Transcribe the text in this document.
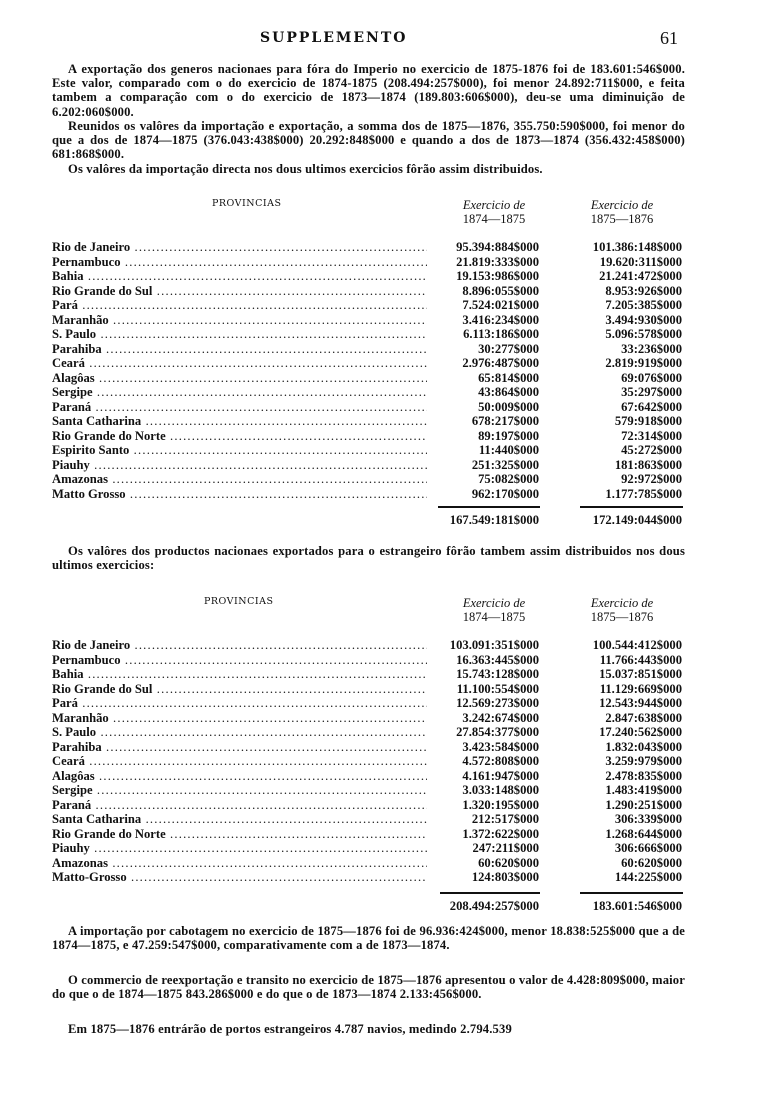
SUPPLEMENTO	61
A exportação dos generos nacionaes para fóra do Imperio no exercicio de 1875-1876 foi de 183.601:546$000. Este valor, comparado com o do exercicio de 1874-1875 (208.494:257$000), foi menor 24.892:711$000, e feita tambem a comparação com o do exercicio de 1873—1874 (189.803:606$000), deu-se uma diminuição de 6.202:060$000.
Reunidos os valôres da importação e exportação, a somma dos de 1875—1876, 355.750:590$000, foi menor do que a dos de 1874—1875 (376.043:438$000) 20.292:848$000 e quando a dos de 1873—1874 (356.432:458$000) 681:868$000.
Os valôres da importação directa nos dous ultimos exercicios fôrão assim distribuidos.
PROVINCIAS	Exercicio de
1874—1875
Exercicio de
1875—1876
Rio de Janeiro .....	95.394:884$000	101.386:148$000
Pernambuco .....	21.819:333$000	19.620:311$000
Bahia .....	19.153:986$000	21.241:472$000
Rio Grande do Sul .....	8.896:055$000	8.953:926$000
Pará .....	7.524:021$000	7.205:385$000
Maranhão .....	3.416:234$000	3.494:930$000
S. Paulo .....	6.113:186$000	5.096:578$000
Parahiba .....	30:277$000	33:236$000
Ceará .....	2.976:487$000	2.819:919$000
Alagôas .....	65:814$000	69:076$000
Sergipe .....	43:864$000	35:297$000
Paraná .....	50:009$000	67:642$000
Santa Catharina .....	678:217$000	579:918$000
Rio Grande do Norte .....	89:197$000	72:314$000
Espirito Santo .....	11:440$000	45:272$000
Piauhy .....	251:325$000	181:863$000
Amazonas .....	75:082$000	92:972$000
Matto Grosso .....	962:170$000	1.177:785$000
167.549:181$000	172.149:044$000
Os valôres dos productos nacionaes exportados para o estrangeiro fôrão tambem assim distribuidos nos dous ultimos exercicios:
PROVINCIAS	Exercicio de
1874—1875
Exercicio de
1875—1876
Rio de Janeiro .....	103.091:351$000	100.544:412$000
Pernambuco .....	16.363:445$000	11.766:443$000
Bahia .....	15.743:128$000	15.037:851$000
Rio Grande do Sul .....	11.100:554$000	11.129:669$000
Pará .....	12.569:273$000	12.543:944$000
Maranhão .....	3.242:674$000	2.847:638$000
S. Paulo .....	27.854:377$000	17.240:562$000
Parahiba .....	3.423:584$000	1.832:043$000
Ceará .....	4.572:808$000	3.259:979$000
Alagôas .....	4.161:947$000	2.478:835$000
Sergipe .....	3.033:148$000	1.483:419$000
Paraná .....	1.320:195$000	1.290:251$000
Santa Catharina .....	212:517$000	306:339$000
Rio Grande do Norte .....	1.372:622$000	1.268:644$000
Piauhy .....	247:211$000	306:666$000
Amazonas .....	60:620$000	60:620$000
Matto-Grosso .....	124:803$000	144:225$000
208.494:257$000	183.601:546$000
A importação por cabotagem no exercicio de 1875—1876 foi de 96.936:424$000, menor 18.838:525$000 que a de 1874—1875, e 47.259:547$000, comparativamente com a de 1873—1874.
O commercio de reexportação e transito no exercicio de 1875—1876 apresentou o valor de 4.428:809$000, maior do que o de 1874—1875 843.286$000 e do que o de 1873—1874 2.133:456$000.
Em 1875—1876 entrárão de portos estrangeiros 4.787 navios, medindo 2.794.539
